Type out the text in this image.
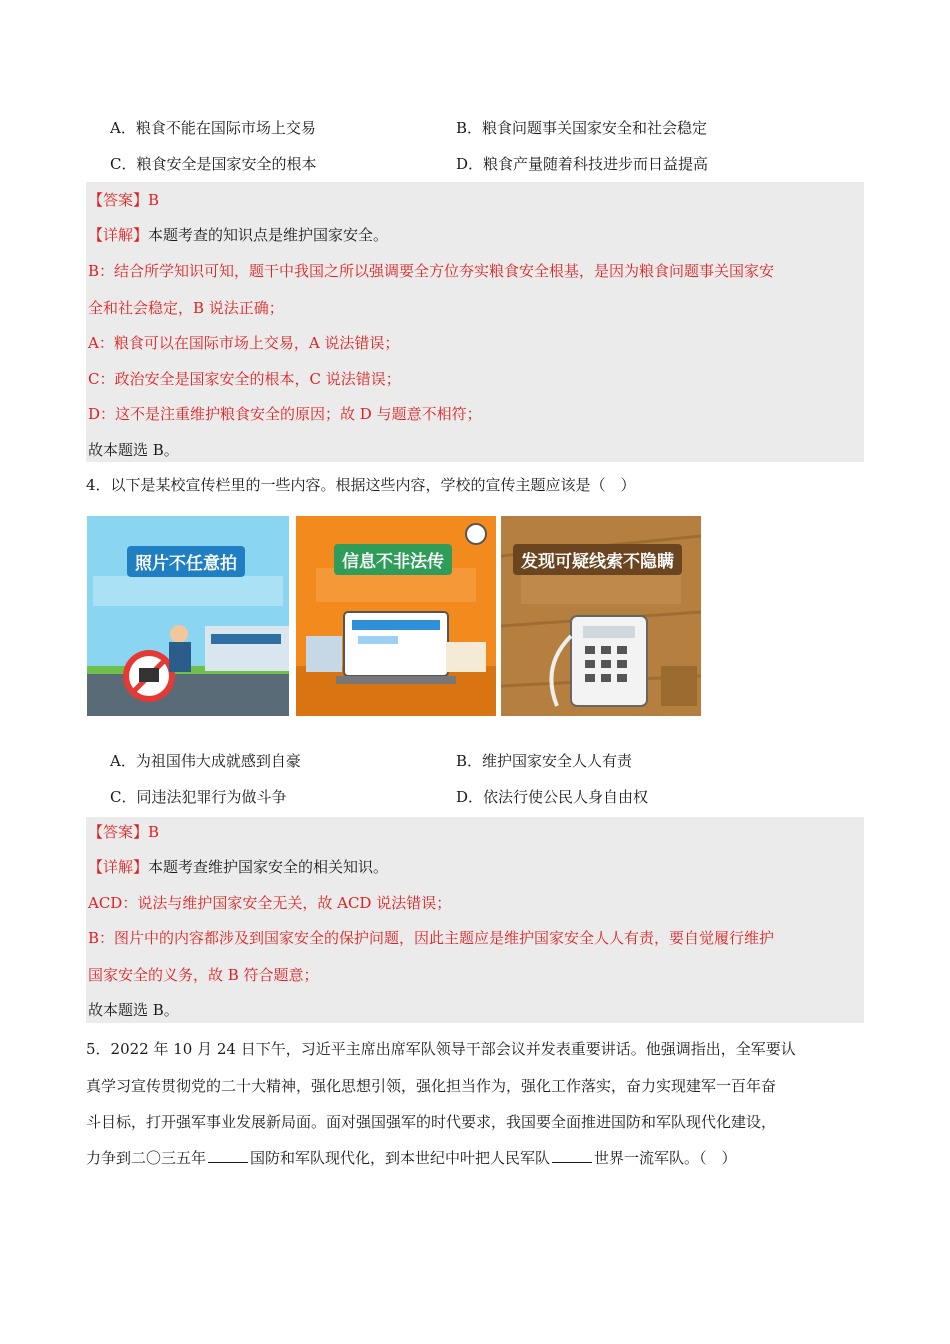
A．粮食不能在国际市场上交易	B．粮食问题事关国家安全和社会稳定
C．粮食安全是国家安全的根本	D．粮食产量随着科技进步而日益提高
【答案】B
【详解】本题考查的知识点是维护国家安全。
B：结合所学知识可知，题干中我国之所以强调要全方位夯实粮食安全根基，是因为粮食问题事关国家安
全和社会稳定，B 说法正确；
A：粮食可以在国际市场上交易，A 说法错误；
C：政治安全是国家安全的根本，C 说法错误；
D：这不是注重维护粮食安全的原因；故 D 与题意不相符；
故本题选 B。
4．以下是某校宣传栏里的一些内容。根据这些内容，学校的宣传主题应该是（　）
照片不任意拍	信息不非法传	发现可疑线索不隐瞒
A．为祖国伟大成就感到自豪	B．维护国家安全人人有责
C．同违法犯罪行为做斗争	D．依法行使公民人身自由权
【答案】B
【详解】本题考查维护国家安全的相关知识。
ACD：说法与维护国家安全无关，故 ACD 说法错误；
B：图片中的内容都涉及到国家安全的保护问题，因此主题应是维护国家安全人人有责，要自觉履行维护
国家安全的义务，故 B 符合题意；
故本题选 B。
5．2022 年 10 月 24 日下午，习近平主席出席军队领导干部会议并发表重要讲话。他强调指出，全军要认
真学习宣传贯彻党的二十大精神，强化思想引领，强化担当作为，强化工作落实，奋力实现建军一百年奋
斗目标，打开强军事业发展新局面。面对强国强军的时代要求，我国要全面推进国防和军队现代化建设，
力争到二〇三五年	国防和军队现代化，到本世纪中叶把人民军队	世界一流军队。（　）
